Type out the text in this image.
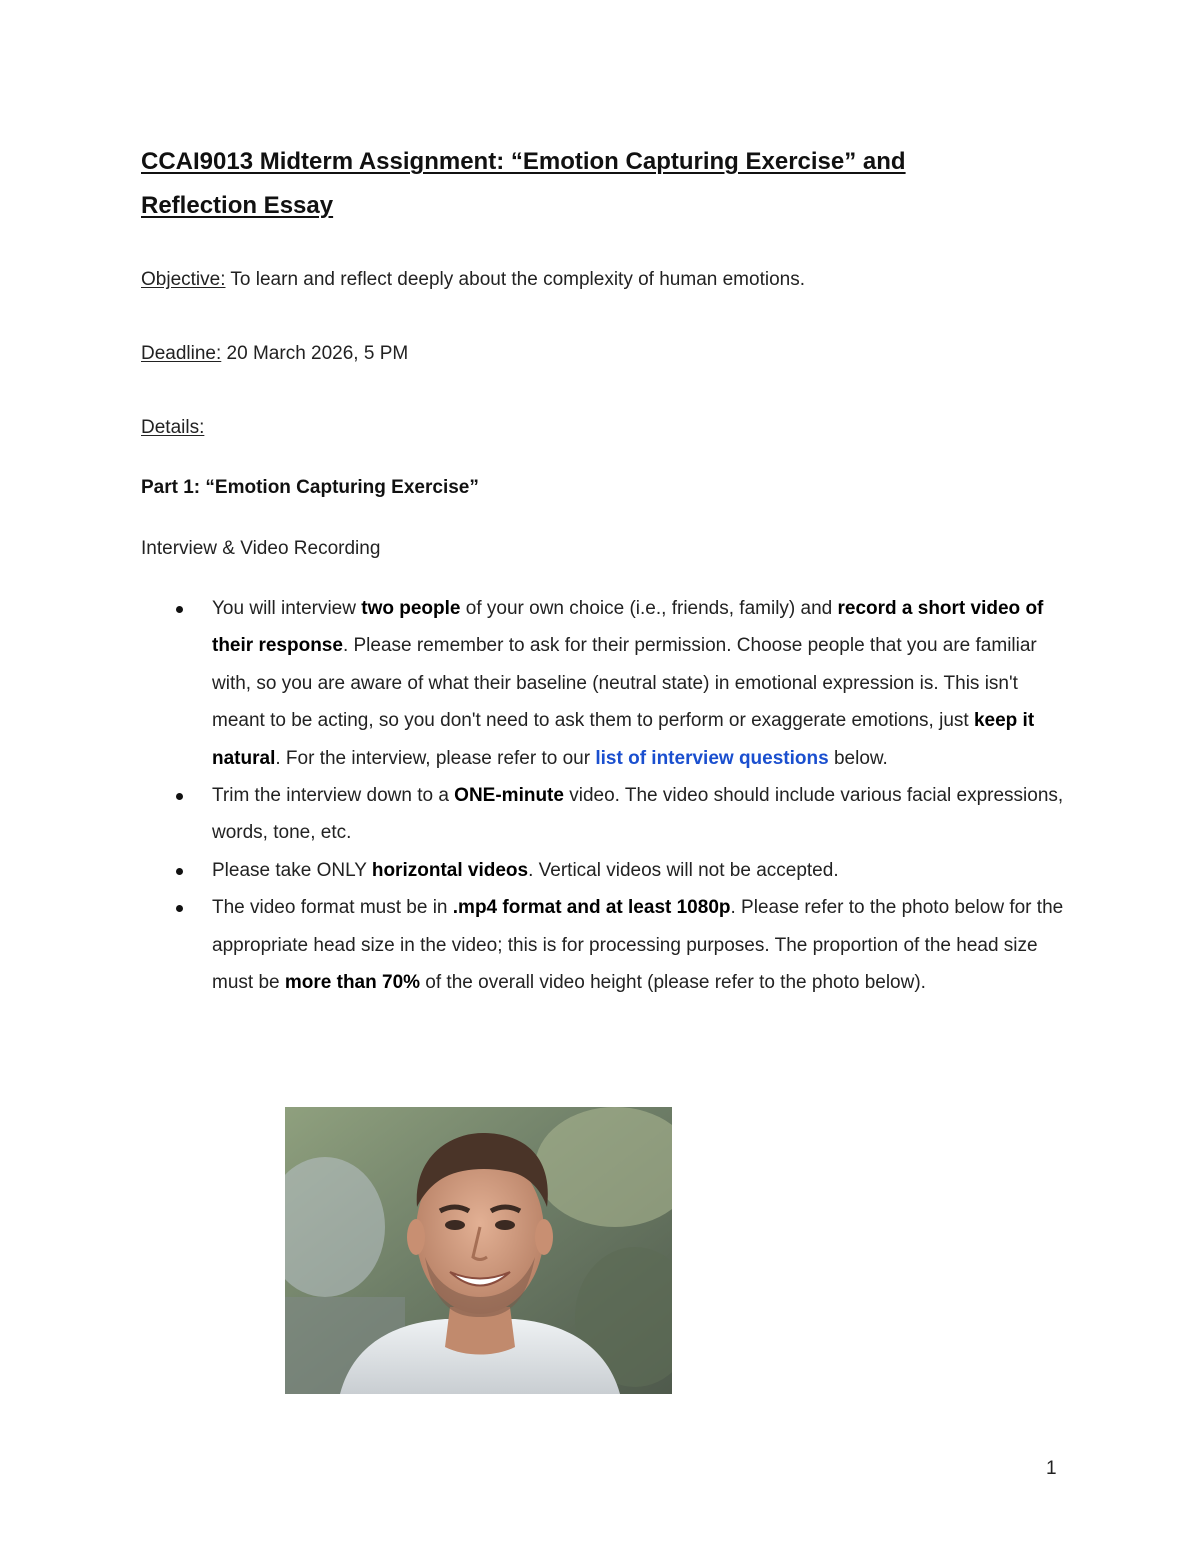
CCAI9013 Midterm Assignment: “Emotion Capturing Exercise” and
Reflection Essay
Objective: To learn and reflect deeply about the complexity of human emotions.
Deadline: 20 March 2026, 5 PM
Details:
Part 1: “Emotion Capturing Exercise”
Interview & Video Recording
You will interview two people of your own choice (i.e., friends, family) and record a short video of their response. Please remember to ask for their permission. Choose people that you are familiar with, so you are aware of what their baseline (neutral state) in emotional expression is. This isn't meant to be acting, so you don't need to ask them to perform or exaggerate emotions, just keep it natural. For the interview, please refer to our list of interview questions below.
Trim the interview down to a ONE-minute video. The video should include various facial expressions, words, tone, etc.
Please take ONLY horizontal videos. Vertical videos will not be accepted.
The video format must be in .mp4 format and at least 1080p. Please refer to the photo below for the appropriate head size in the video; this is for processing purposes. The proportion of the head size must be more than 70% of the overall video height (please refer to the photo below).
1
